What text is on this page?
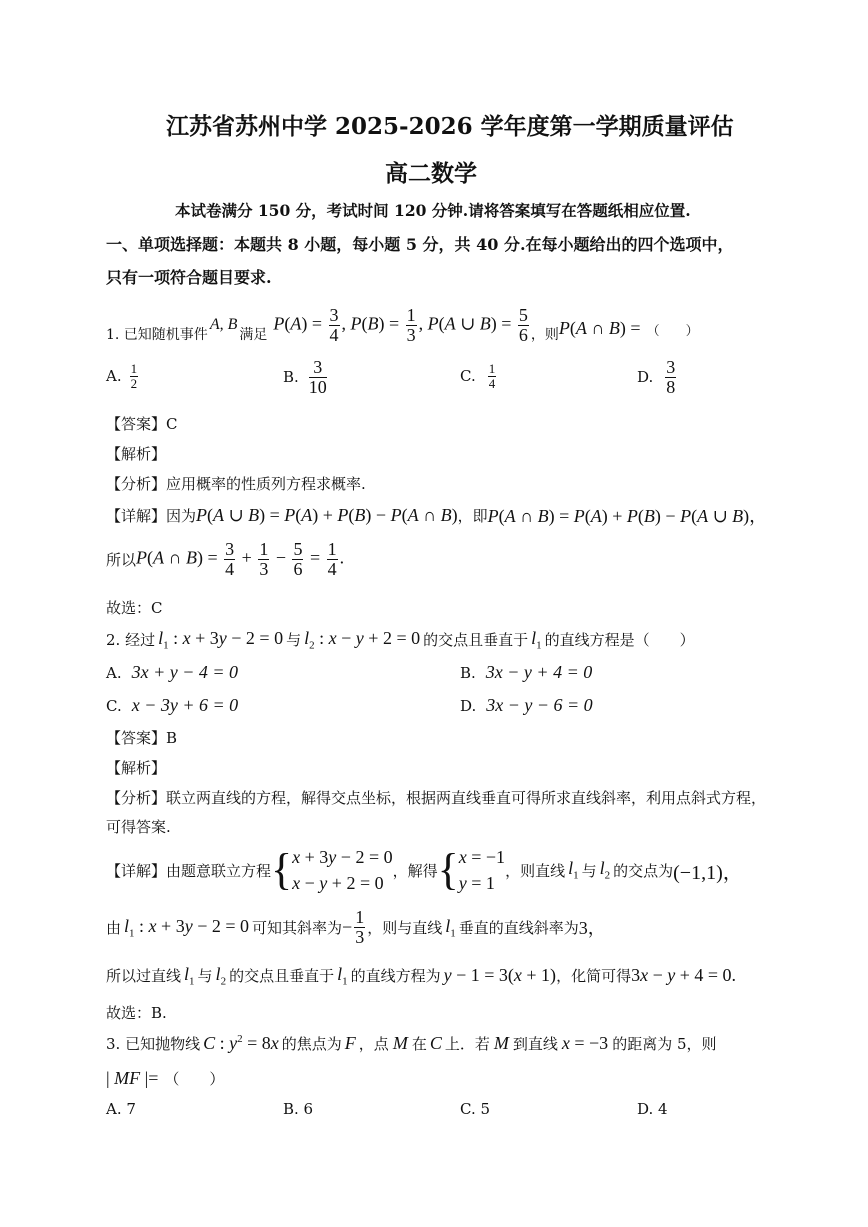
江苏省苏州中学 2025-2026 学年度第一学期质量评估
高二数学
本试卷满分 150 分，考试时间 120 分钟.请将答案填写在答题纸相应位置.
一、单项选择题：本题共 8 小题，每小题 5 分，共 40 分.在每小题给出的四个选项中，
只有一项符合题目要求.
1. 已知随机事件
A, B
满足
$P(A) = \frac{3}{4}$ , $P(B) = \frac{1}{3}$ , P(A ∪ $B) = \frac{5}{6}$ ，则 P(A ∩ B) = （　　）
A. $\frac{1}{2}$	B. $\frac{3}{10}$	C. $\frac{1}{4}$	D. $\frac{3}{8}$
【答案】C
【解析】
【分析】应用概率的性质列方程求概率.
【详解】因为 P(A ∪ B) = P(A) + P(B) − P(A ∩ B) ，即 P(A ∩ B) = P(A) + P(B) − P(A ∪ B)，
所以 P(A ∩ $B) = \frac{3}{4} + \frac{1}{3} - \frac{5}{6} = \frac{1}{4}$ .
故选：C
2. 经过 $l_1$ : x + 3y − 2 = 0 与 $l_2$ : x − y + 2 = 0 的交点且垂直于 $l_1$ 的直线方程是（　　）
A. 3x + y − 4 = 0	B. 3x − y + 4 = 0
C. x − 3y + 6 = 0	D. 3x − y − 6 = 0
【答案】B
【解析】
【分析】联立两直线的方程，解得交点坐标，根据两直线垂直可得所求直线斜率，利用点斜式方程，
可得答案.
【详解】由题意联立方程 { x + 3y − 2 = 0
x − y + 2 = 0
，解得 { x = −1
y = 1
，则直线 $l_1$ 与 $l_2$ 的交点为 (−1,1)，
由 $l_1$ : x + 3y − 2 = 0 可知其斜率为 − $\frac{1}{3}$ ，则与直线 $l_1$ 垂直的直线斜率为 3，
所以过直线 $l_1$ 与 $l_2$ 的交点且垂直于 $l_1$ 的直线方程为 y − 1 = 3(x + 1) ，化简可得 3x − y + 4 = 0.
故选：B.
3. 已知抛物线 C : $y^2 = 8x$ 的焦点为 F ，点 M 在 C 上．若 M 到直线 x = −3 的距离为 5，则
| MF |= （　　）
A. 7	B. 6	C. 5	D. 4
